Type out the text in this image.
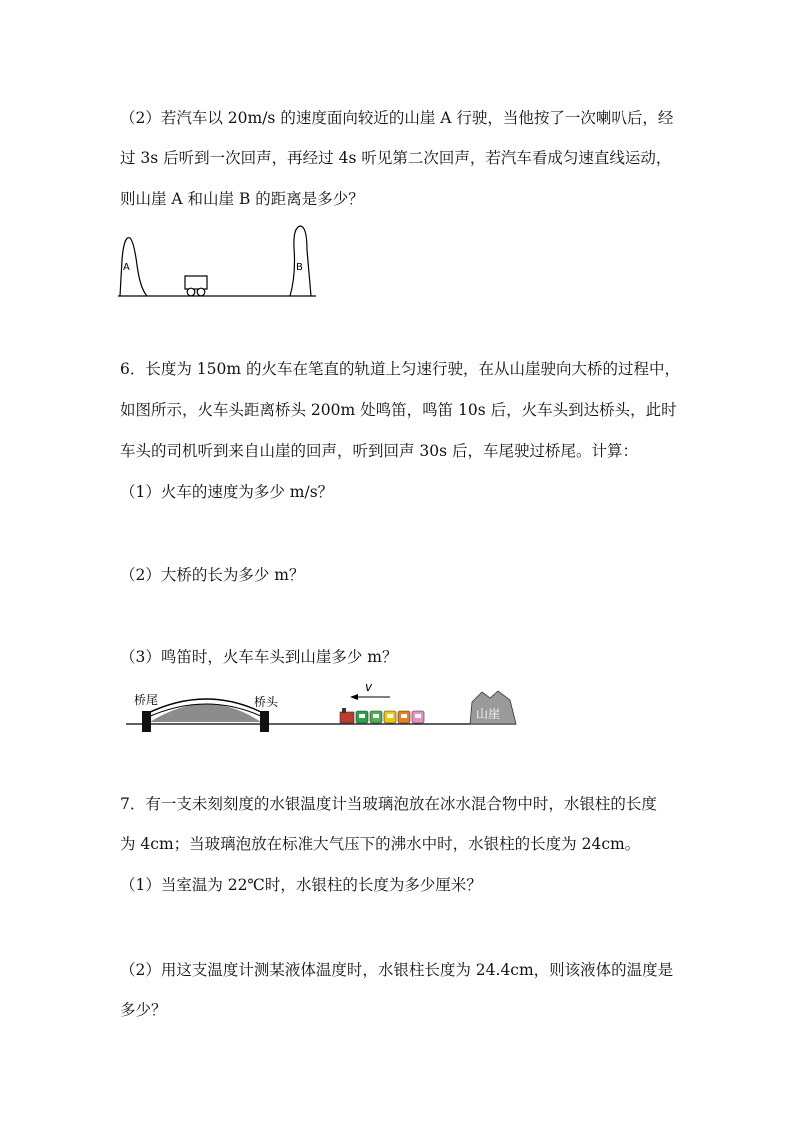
（2）若汽车以 20m/s 的速度面向较近的山崖 A 行驶，当他按了一次喇叭后，经
过 3s 后听到一次回声，再经过 4s 听见第二次回声，若汽车看成匀速直线运动，
则山崖 A 和山崖 B 的距离是多少？
A	B
6．长度为 150m 的火车在笔直的轨道上匀速行驶，在从山崖驶向大桥的过程中，
如图所示，火车头距离桥头 200m 处鸣笛，鸣笛 10s 后，火车头到达桥头，此时
车头的司机听到来自山崖的回声，听到回声 30s 后，车尾驶过桥尾。计算：
（1）火车的速度为多少 m/s？
（2）大桥的长为多少 m？
（3）鸣笛时，火车车头到山崖多少 m？
桥尾	桥头
v
山崖
7．有一支未刻刻度的水银温度计当玻璃泡放在冰水混合物中时，水银柱的长度
为 4cm；当玻璃泡放在标准大气压下的沸水中时，水银柱的长度为 24cm。
（1）当室温为 22℃时，水银柱的长度为多少厘米？
（2）用这支温度计测某液体温度时，水银柱长度为 24.4cm，则该液体的温度是
多少？
